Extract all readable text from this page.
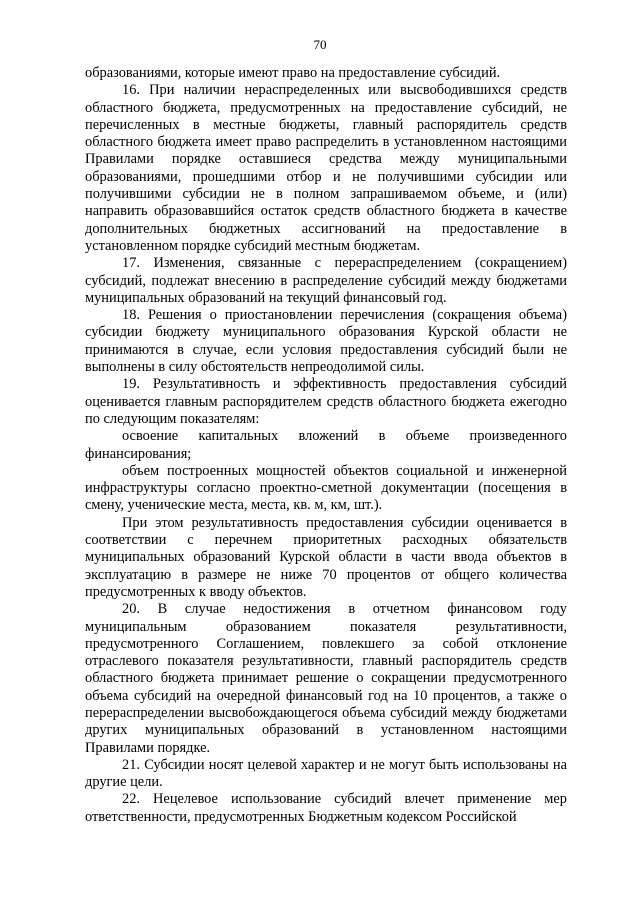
70

образованиями, которые имеют право на предоставление субсидий.

16. При наличии нераспределенных или высвободившихся средств областного бюджета, предусмотренных на предоставление субсидий, не перечисленных в местные бюджеты, главный распорядитель средств областного бюджета имеет право распределить в установленном настоящими Правилами порядке оставшиеся средства между муниципальными образованиями, прошедшими отбор и не получившими субсидии или получившими субсидии не в полном запрашиваемом объеме, и (или) направить образовавшийся остаток средств областного бюджета в качестве дополнительных бюджетных ассигнований на предоставление в установленном порядке субсидий местным бюджетам.

17. Изменения, связанные с перераспределением (сокращением) субсидий, подлежат внесению в распределение субсидий между бюджетами муниципальных образований на текущий финансовый год.

18. Решения о приостановлении перечисления (сокращения объема) субсидии бюджету муниципального образования Курской области не принимаются в случае, если условия предоставления субсидий были не выполнены в силу обстоятельств непреодолимой силы.

19. Результативность и эффективность предоставления субсидий оценивается главным распорядителем средств областного бюджета ежегодно по следующим показателям:

освоение капитальных вложений в объеме произведенного финансирования;

объем построенных мощностей объектов социальной и инженерной инфраструктуры согласно проектно-сметной документации (посещения в смену, ученические места, места, кв. м, км, шт.).

При этом результативность предоставления субсидии оценивается в соответствии с перечнем приоритетных расходных обязательств муниципальных образований Курской области в части ввода объектов в эксплуатацию в размере не ниже 70 процентов от общего количества предусмотренных к вводу объектов.

20. В случае недостижения в отчетном финансовом году муниципальным образованием показателя результативности, предусмотренного Соглашением, повлекшего за собой отклонение отраслевого показателя результативности, главный распорядитель средств областного бюджета принимает решение о сокращении предусмотренного объема субсидий на очередной финансовый год на 10 процентов, а также о перераспределении высвобождающегося объема субсидий между бюджетами других муниципальных образований в установленном настоящими Правилами порядке.

21. Субсидии носят целевой характер и не могут быть использованы на другие цели.

22. Нецелевое использование субсидий влечет применение мер ответственности, предусмотренных Бюджетным кодексом Российской
